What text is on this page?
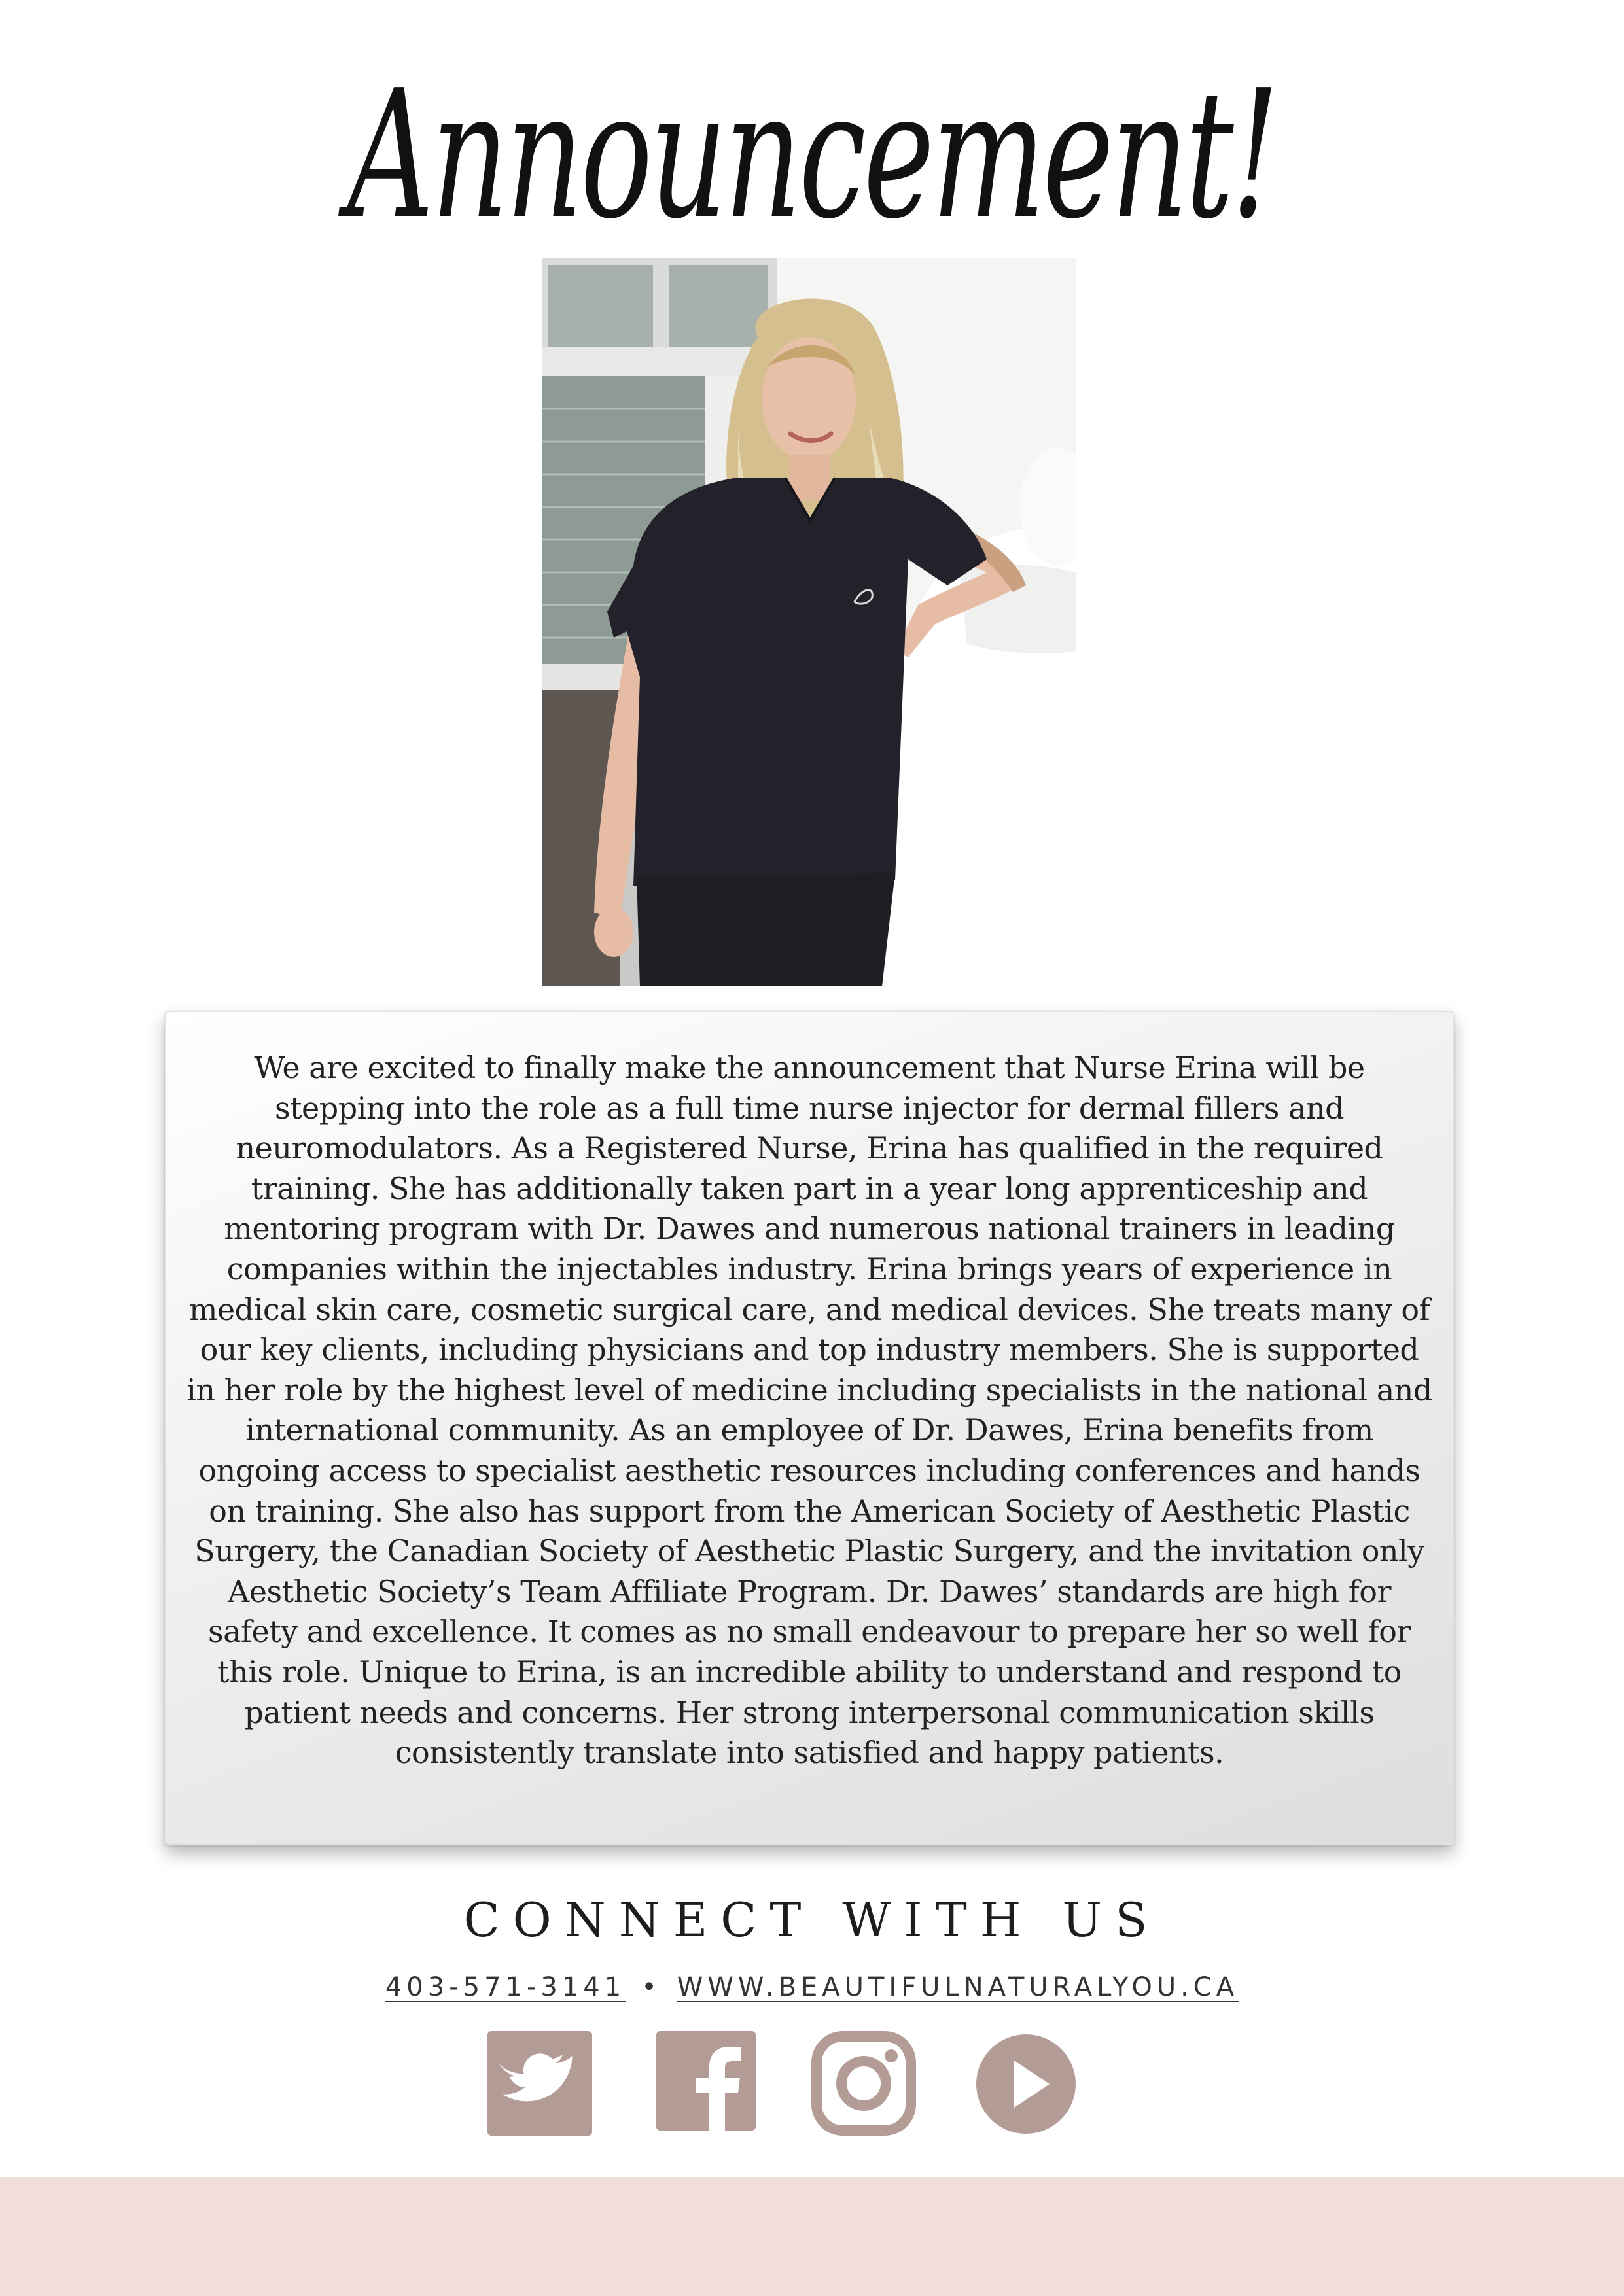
Announcement!

We are excited to finally make the announcement that Nurse Erina will be stepping into the role as a full time nurse injector for dermal fillers and neuromodulators. As a Registered Nurse, Erina has qualified in the required training. She has additionally taken part in a year long apprenticeship and mentoring program with Dr. Dawes and numerous national trainers in leading companies within the injectables industry. Erina brings years of experience in medical skin care, cosmetic surgical care, and medical devices. She treats many of our key clients, including physicians and top industry members. She is supported in her role by the highest level of medicine including specialists in the national and international community. As an employee of Dr. Dawes, Erina benefits from ongoing access to specialist aesthetic resources including conferences and hands on training. She also has support from the American Society of Aesthetic Plastic Surgery, the Canadian Society of Aesthetic Plastic Surgery, and the invitation only Aesthetic Society’s Team Affiliate Program. Dr. Dawes’ standards are high for safety and excellence. It comes as no small endeavour to prepare her so well for this role. Unique to Erina, is an incredible ability to understand and respond to patient needs and concerns. Her strong interpersonal communication skills consistently translate into satisfied and happy patients.

CONNECT WITH US
403-571-3141 • WWW.BEAUTIFULNATURALYOU.CA
